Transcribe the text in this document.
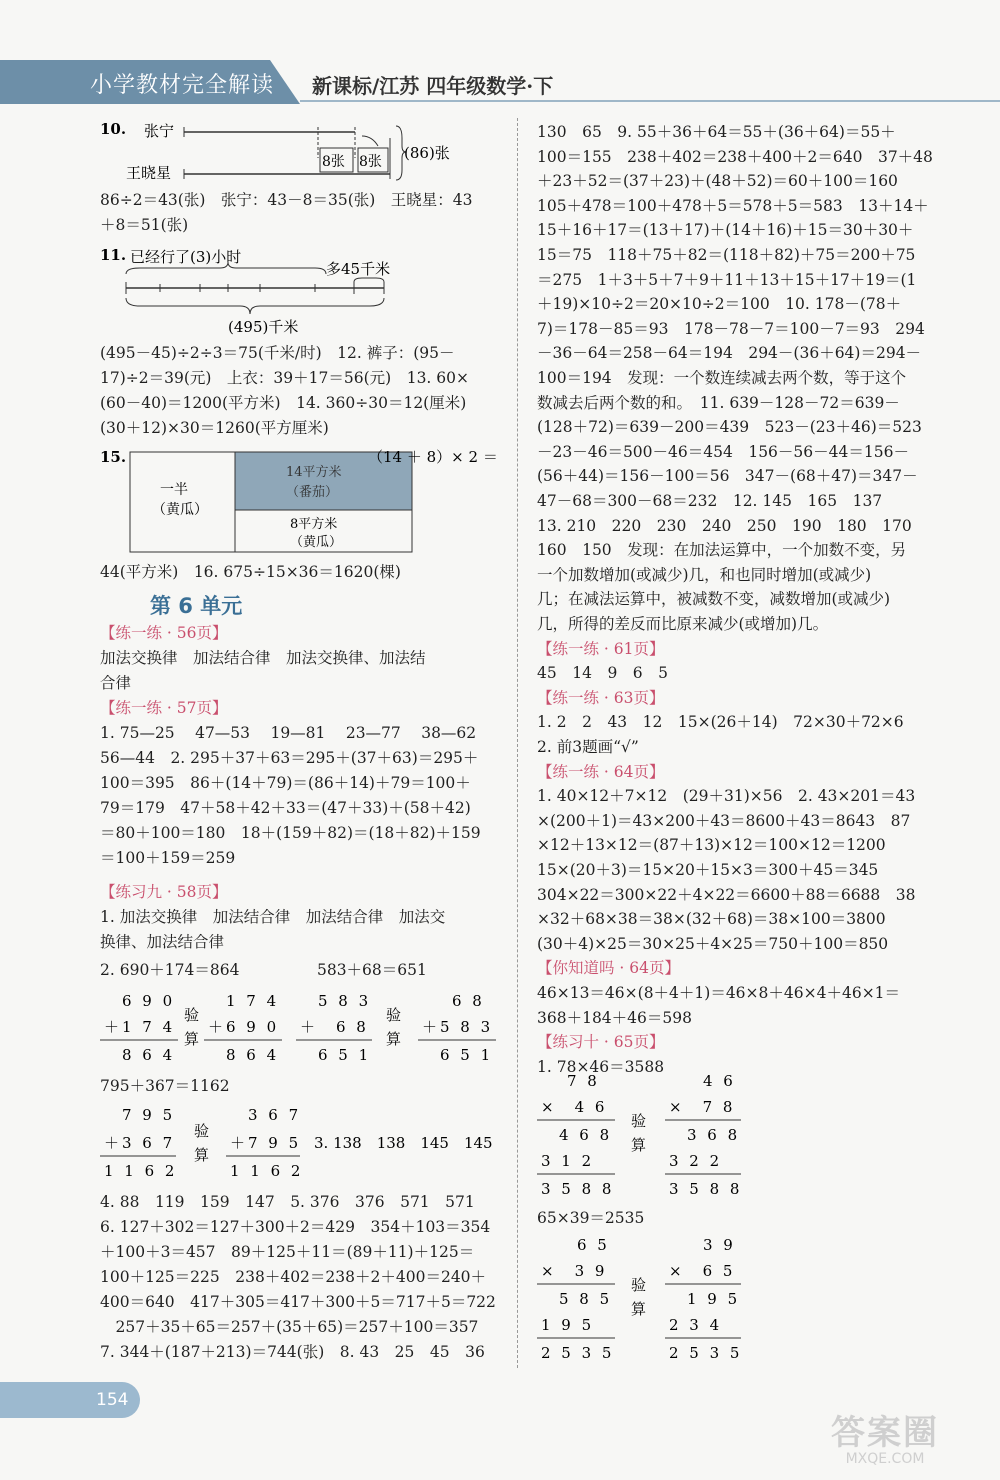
小学教材完全解读 新课标/江苏 四年级数学·下
10. 张宁
王晓星
8张 8张 (86)张
86÷2＝43(张)　张宁：43－8＝35(张)　王晓星：43
＋8＝51(张)
11. 已经行了(3)小时
多45千米
(495)千米
(495－45)÷2÷3＝75(千米/时)　12. 裤子：(95－
17)÷2＝39(元)　上衣：39＋17＝56(元)　13. 60×
(60－40)＝1200(平方米)　14. 360÷30＝12(厘米)
(30＋12)×30＝1260(平方厘米)
15.
一半
（黄瓜）
14平方米
（番茄）
8平方米
（黄瓜）
（14 ＋ 8）× 2 ＝
44(平方米)　16. 675÷15×36＝1620(棵)
【练一练 · 56页】
加法交换律　加法结合律　加法交换律、加法结
合律
【练一练 · 57页】
1. 75—25　 47—53　 19—81　 23—77　 38—62
56—44　2. 295＋37＋63＝295＋(37＋63)＝295＋
100＝395　86＋(14＋79)＝(86＋14)＋79＝100＋
79＝179　47＋58＋42＋33＝(47＋33)＋(58＋42)
＝80＋100＝180　18＋(159＋82)＝(18＋82)＋159
＝100＋159＝259
【练习九 · 58页】
1. 加法交换律　加法结合律　加法结合律　加法交
换律、加法结合律
2. 690＋174＝864　　　　　583＋68＝651
6 9 0
＋1 7 4
8 6 4
验
算
1 7 4
＋6 9 0
8 6 4
5 8 3
＋　6 8
6 5 1
验
算
6 8
＋5 8 3
6 5 1
795＋367＝1162
7 9 5
＋3 6 7
1 1 6 2
验
算
3 6 7
＋7 9 5
1 1 6 2
3. 138　138　145　145
4. 88　119　159　147　5. 376　376　571　571
6. 127＋302＝127＋300＋2＝429　354＋103＝354
＋100＋3＝457　89＋125＋11＝(89＋11)＋125＝
100＋125＝225　238＋402＝238＋2＋400＝240＋
400＝640　417＋305＝417＋300＋5＝717＋5＝722
　257＋35＋65＝257＋(35＋65)＝257＋100＝357
7. 344＋(187＋213)＝744(张)　8. 43　25　45　36
第 6 单元
130　65　9. 55＋36＋64＝55＋(36＋64)＝55＋
100＝155　238＋402＝238＋400＋2＝640　37＋48
＋23＋52＝(37＋23)＋(48＋52)＝60＋100＝160
105＋478＝100＋478＋5＝578＋5＝583　13＋14＋
15＋16＋17＝(13＋17)＋(14＋16)＋15＝30＋30＋
15＝75　118＋75＋82＝(118＋82)＋75＝200＋75
＝275　1＋3＋5＋7＋9＋11＋13＋15＋17＋19＝(1
＋19)×10÷2＝20×10÷2＝100　10. 178－(78＋
7)＝178－85＝93　178－78－7＝100－7＝93　294
－36－64＝258－64＝194　294－(36＋64)＝294－
100＝194　发现：一个数连续减去两个数，等于这个
数减去后两个数的和。　11. 639－128－72＝639－
(128＋72)＝639－200＝439　523－(23＋46)＝523
－23－46＝500－46＝454　156－56－44＝156－
(56＋44)＝156－100＝56　347－(68＋47)＝347－
47－68＝300－68＝232　12. 145　165　137
13. 210　220　230　240　250　190　180　170
160　150　发现：在加法运算中，一个加数不变，另
一个加数增加(或减少)几，和也同时增加(或减少)
几；在减法运算中，被减数不变，减数增加(或减少)
几，所得的差反而比原来减少(或增加)几。
【练一练 · 61页】
45　14　9　6　5
【练一练 · 63页】
1. 2　2　43　12　15×(26＋14)　72×30＋72×6
2. 前3题画“√”
【练一练 · 64页】
1. 40×12＋7×12　(29＋31)×56　2. 43×201＝43
×(200＋1)＝43×200＋43＝8600＋43＝8643　87
×12＋13×12＝(87＋13)×12＝100×12＝1200
15×(20＋3)＝15×20＋15×3＝300＋45＝345
304×22＝300×22＋4×22＝6600＋88＝6688　38
×32＋68×38＝38×(32＋68)＝38×100＝3800
(30＋4)×25＝30×25＋4×25＝750＋100＝850
【你知道吗 · 64页】
46×13＝46×(8＋4＋1)＝46×8＋46×4＋46×1＝
368＋184＋46＝598
【练习十 · 65页】
1. 78×46＝3588
7 8
×　4 6
4 6 8
3 1 2
3 5 8 8
验
算
4 6
×　7 8
3 6 8
3 2 2
3 5 8 8
65×39＝2535
6 5
×　3 9
5 8 5
1 9 5
2 5 3 5
验
算
3 9
×　6 5
1 9 5
2 3 4
2 5 3 5
154
答案圈
MXQE.COM
